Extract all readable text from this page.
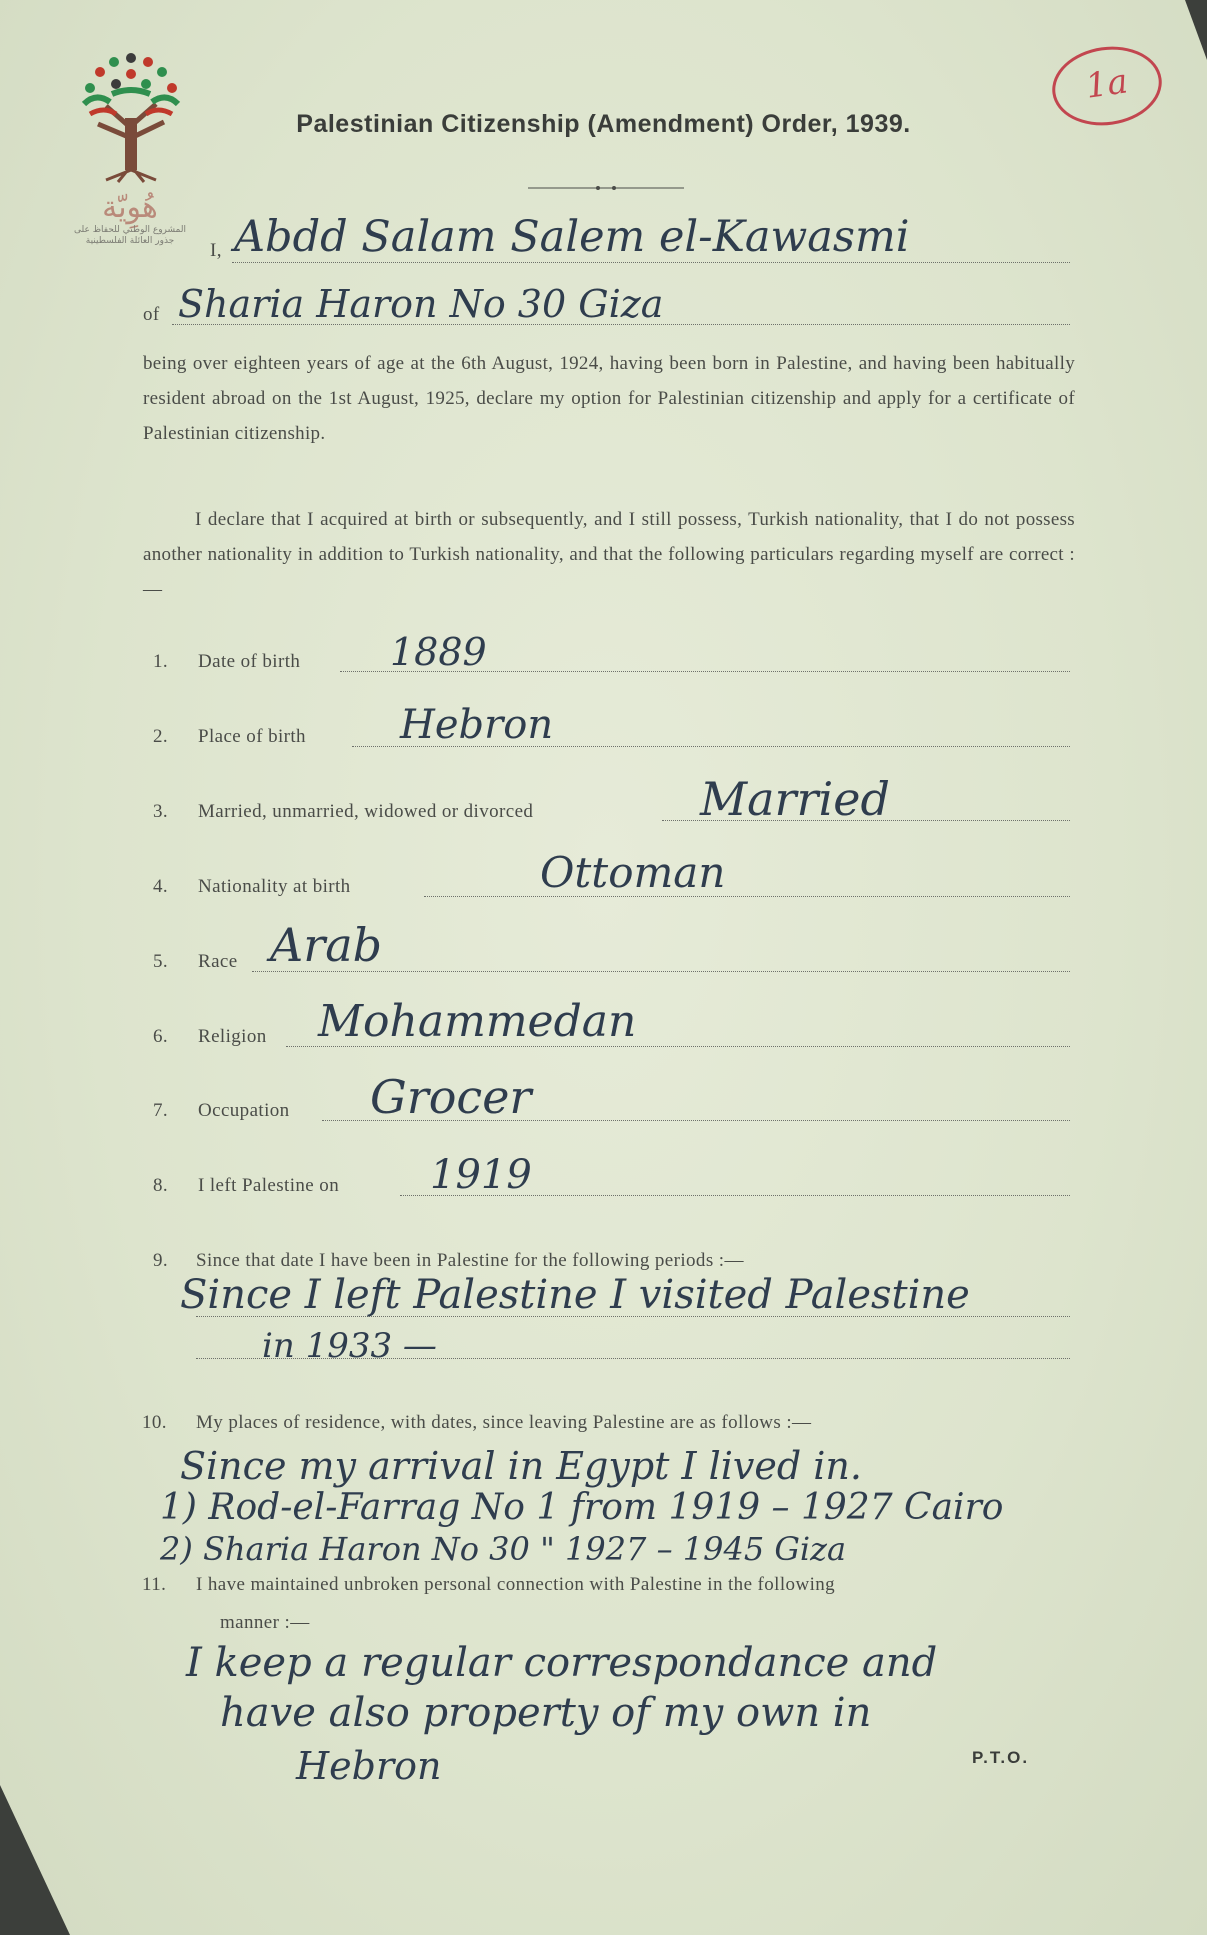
هُوِيّة
المشروع الوطني للحفاظ على جذور العائلة الفلسطينية
1a
Palestinian Citizenship (Amendment) Order, 1939.
I, Abdd Salam Salem el-Kawasmi
of Sharia Haron No 30 Giza
being over eighteen years of age at the 6th August, 1924, having been born in Palestine, and having been habitually resident abroad on the 1st August, 1925, declare my option for Palestinian citizenship and apply for a certificate of Palestinian citizenship.
I declare that I acquired at birth or subsequently, and I still possess, Turkish nationality, that I do not possess another nationality in addition to Turkish nationality, and that the following particulars regarding myself are correct :—
1. Date of birth 1889
2. Place of birth Hebron
3. Married, unmarried, widowed or divorced	Married
4. Nationality at birth	Ottoman
5. Race Arab
6. Religion Mohammedan
7. Occupation Grocer
8. I left Palestine on 1919
9. Since that date I have been in Palestine for the following periods :—
Since I left Palestine I visited Palestine
in 1933 —
10. My places of residence, with dates, since leaving Palestine are as follows :—
Since my arrival in Egypt I lived in.
1) Rod-el-Farrag No 1 from 1919 – 1927 Cairo
2) Sharia Haron No 30 " 1927 – 1945 Giza
11. I have maintained unbroken personal connection with Palestine in the following
manner :—
I keep a regular correspondance and
have also property of my own in
Hebron	P.T.O.
